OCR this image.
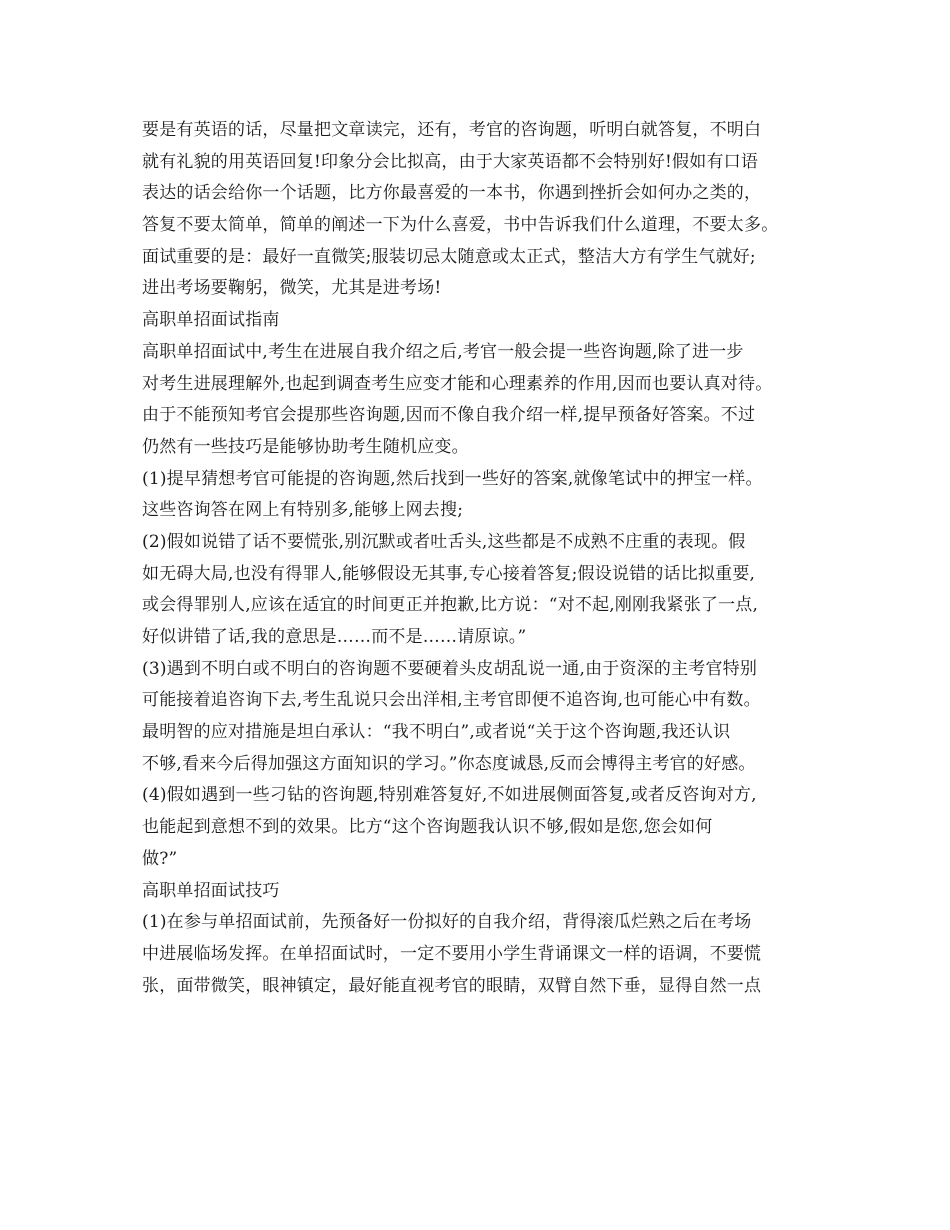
要是有英语的话，尽量把文章读完，还有，考官的咨询题，听明白就答复，不明白
就有礼貌的用英语回复!印象分会比拟高，由于大家英语都不会特别好!假如有口语
表达的话会给你一个话题，比方你最喜爱的一本书，你遇到挫折会如何办之类的，
答复不要太简单，简单的阐述一下为什么喜爱，书中告诉我们什么道理，不要太多。
面试重要的是：最好一直微笑;服装切忌太随意或太正式，整洁大方有学生气就好;
进出考场要鞠躬，微笑，尤其是进考场!
高职单招面试指南
高职单招面试中,考生在进展自我介绍之后,考官一般会提一些咨询题,除了进一步
对考生进展理解外,也起到调查考生应变才能和心理素养的作用,因而也要认真对待。
由于不能预知考官会提那些咨询题,因而不像自我介绍一样,提早预备好答案。不过
仍然有一些技巧是能够协助考生随机应变。
(1)提早猜想考官可能提的咨询题,然后找到一些好的答案,就像笔试中的押宝一样。
这些咨询答在网上有特别多,能够上网去搜;
(2)假如说错了话不要慌张,别沉默或者吐舌头,这些都是不成熟不庄重的表现。假
如无碍大局,也没有得罪人,能够假设无其事,专心接着答复;假设说错的话比拟重要,
或会得罪别人,应该在适宜的时间更正并抱歉,比方说：“对不起,刚刚我紧张了一点,
好似讲错了话,我的意思是……而不是……请原谅。”
(3)遇到不明白或不明白的咨询题不要硬着头皮胡乱说一通,由于资深的主考官特别
可能接着追咨询下去,考生乱说只会出洋相,主考官即便不追咨询,也可能心中有数。
最明智的应对措施是坦白承认：“我不明白”,或者说“关于这个咨询题,我还认识
不够,看来今后得加强这方面知识的学习。”你态度诚恳,反而会博得主考官的好感。
(4)假如遇到一些刁钻的咨询题,特别难答复好,不如进展侧面答复,或者反咨询对方,
也能起到意想不到的效果。比方“这个咨询题我认识不够,假如是您,您会如何
做?”
高职单招面试技巧
(1)在参与单招面试前，先预备好一份拟好的自我介绍，背得滚瓜烂熟之后在考场
中进展临场发挥。在单招面试时，一定不要用小学生背诵课文一样的语调，不要慌
张，面带微笑，眼神镇定，最好能直视考官的眼睛，双臂自然下垂，显得自然一点
